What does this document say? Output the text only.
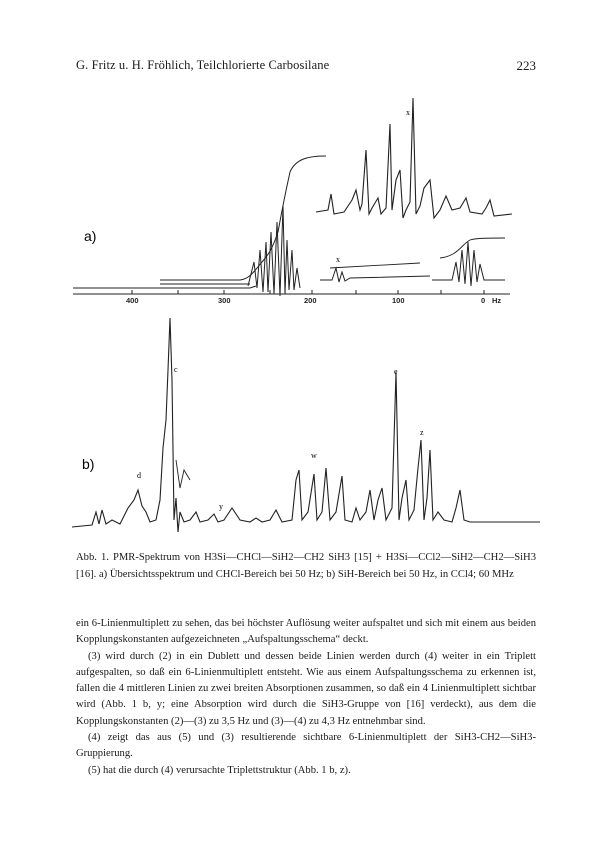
G. Fritz u. H. Fröhlich, Teilchlorierte Carbosilane	223
a)
400	300	200	100	0 Hz
x
x
b)
c
d
y
w
e
z
Abb. 1. PMR-Spektrum von H3Si—CHCl—SiH2—CH2 SiH3 [15] + H3Si—CCl2—SiH2—CH2—SiH3 [16]. a) Übersichtsspektrum und CHCl-Bereich bei 50 Hz; b) SiH-Bereich bei 50 Hz, in CCl4; 60 MHz

ein 6-Linienmultiplett zu sehen, das bei höchster Auflösung weiter aufspaltet und sich mit einem aus beiden Kopplungskonstanten aufgezeichneten „Aufspaltungsschema“ deckt.

(3) wird durch (2) in ein Dublett und dessen beide Linien werden durch (4) weiter in ein Triplett aufgespalten, so daß ein 6-Linienmultiplett entsteht. Wie aus einem Aufspaltungsschema zu erkennen ist, fallen die 4 mittleren Linien zu zwei breiten Absorptionen zusammen, so daß ein 4 Linienmultiplett sichtbar wird (Abb. 1 b, y; eine Absorption wird durch die SiH3-Gruppe von [16] verdeckt), aus dem die Kopplungskonstanten (2)—(3) zu 3,5 Hz und (3)—(4) zu 4,3 Hz entnehmbar sind.

(4) zeigt das aus (5) und (3) resultierende sichtbare 6-Linienmultiplett der SiH3-CH2—SiH3-Gruppierung.

(5) hat die durch (4) verursachte Triplettstruktur (Abb. 1 b, z).
